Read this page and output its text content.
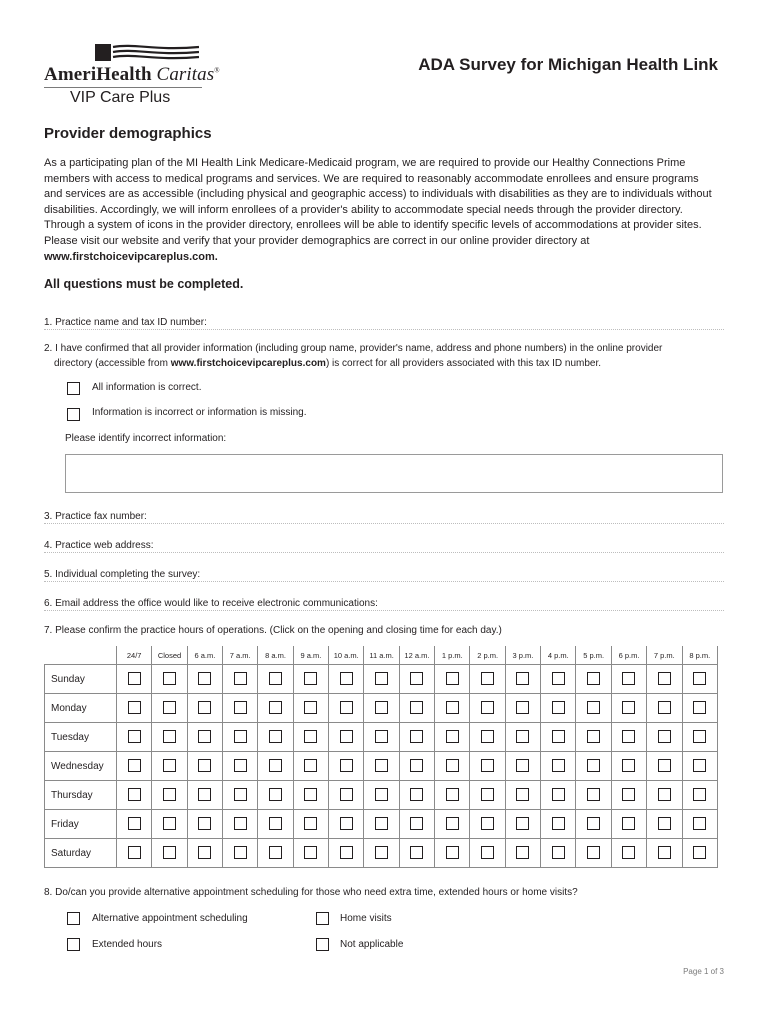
AmeriHealth Caritas®
VIP Care Plus
ADA Survey for Michigan Health Link
Provider demographics
As a participating plan of the MI Health Link Medicare-Medicaid program, we are required to provide our Healthy Connections Prime members with access to medical programs and services. We are required to reasonably accommodate enrollees and ensure programs and services are as accessible (including physical and geographic access) to individuals with disabilities as they are to individuals without disabilities. Accordingly, we will inform enrollees of a provider's ability to accommodate special needs through the provider directory. Through a system of icons in the provider directory, enrollees will be able to identify specific levels of accommodations at provider sites. Please visit our website and verify that your provider demographics are correct in our online provider directory at www.firstchoicevipcareplus.com.
All questions must be completed.
1. Practice name and tax ID number:
2. I have confirmed that all provider information (including group name, provider's name, address and phone numbers) in the online provider
directory (accessible from www.firstchoicevipcareplus.com) is correct for all providers associated with this tax ID number.
All information is correct.
Information is incorrect or information is missing.
Please identify incorrect information:
3. Practice fax number:
4. Practice web address:
5. Individual completing the survey:
6. Email address the office would like to receive electronic communications:
7. Please confirm the practice hours of operations. (Click on the opening and closing time for each day.)
	24/7	Closed	6 a.m.	7 a.m.	8 a.m.	9 a.m.	10 a.m.	11 a.m.	12 a.m.	1 p.m.	2 p.m.	3 p.m.	4 p.m.	5 p.m.	6 p.m.	7 p.m.	8 p.m.
Sunday																	
Monday																	
Tuesday																	
Wednesday																	
Thursday																	
Friday																	
Saturday																	
8. Do/can you provide alternative appointment scheduling for those who need extra time, extended hours or home visits?
Alternative appointment scheduling	Home visits
Extended hours	Not applicable
Page 1 of 3
